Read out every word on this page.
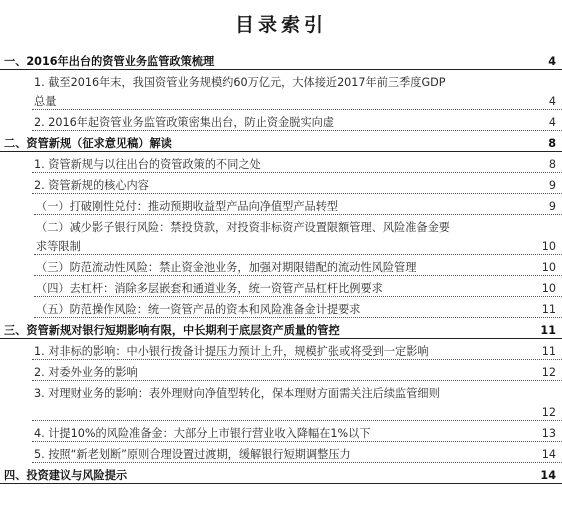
目录索引
一、2016年出台的资管业务监管政策梳理	4
1. 截至2016年末，我国资管业务规模约60万亿元，大体接近2017年前三季度GDP
总量	4
2. 2016年起资管业务监管政策密集出台，防止资金脱实向虚	4
二、资管新规（征求意见稿）解读	8
1. 资管新规与以往出台的资管政策的不同之处	8
2. 资管新规的核心内容	9
（一）打破刚性兑付：推动预期收益型产品向净值型产品转型	9
（二）减少影子银行风险：禁投贷款，对投资非标资产设置限额管理、风险准备金要
求等限制	10
（三）防范流动性风险：禁止资金池业务，加强对期限错配的流动性风险管理	10
（四）去杠杆：消除多层嵌套和通道业务，统一资管产品杠杆比例要求	10
（五）防范操作风险：统一资管产品的资本和风险准备金计提要求	11
三、资管新规对银行短期影响有限，中长期利于底层资产质量的管控	11
1. 对非标的影响：中小银行拨备计提压力预计上升，规模扩张或将受到一定影响	11
2. 对委外业务的影响	12
3. 对理财业务的影响：表外理财向净值型转化，保本理财方面需关注后续监管细则
12
4. 计提10%的风险准备金：大部分上市银行营业收入降幅在1%以下	13
5. 按照“新老划断”原则合理设置过渡期，缓解银行短期调整压力	14
四、投资建议与风险提示	14
